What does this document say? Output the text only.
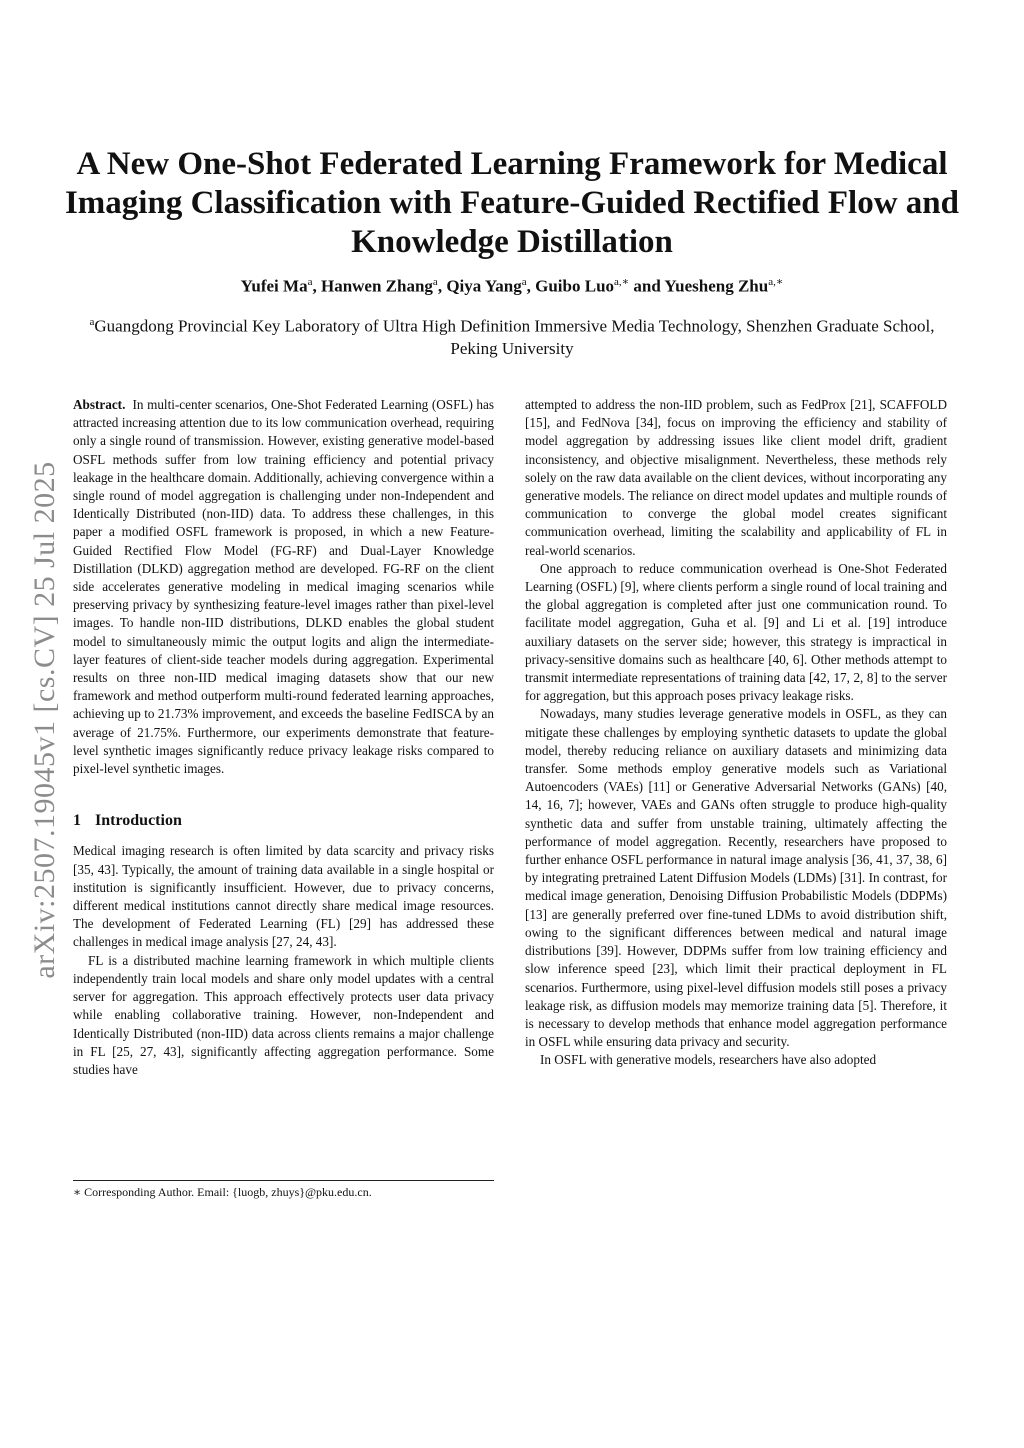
A New One-Shot Federated Learning Framework for Medical Imaging Classification with Feature-Guided Rectified Flow and Knowledge Distillation
Yufei Ma$^a$, Hanwen Zhang$^a$, Qiya Yang$^a$, Guibo Luo$^{a,∗}$ and Yuesheng Zhu$^{a,∗}$
$^a$Guangdong Provincial Key Laboratory of Ultra High Definition Immersive Media Technology, Shenzhen Graduate School, Peking University
arXiv:2507.19045v1 [cs.CV] 25 Jul 2025

Abstract. In multi-center scenarios, One-Shot Federated Learning (OSFL) has attracted increasing attention due to its low communication overhead, requiring only a single round of transmission. However, existing generative model-based OSFL methods suffer from low training efficiency and potential privacy leakage in the healthcare domain. Additionally, achieving convergence within a single round of model aggregation is challenging under non-Independent and Identically Distributed (non-IID) data. To address these challenges, in this paper a modified OSFL framework is proposed, in which a new Feature-Guided Rectified Flow Model (FG-RF) and Dual-Layer Knowledge Distillation (DLKD) aggregation method are developed. FG-RF on the client side accelerates generative modeling in medical imaging scenarios while preserving privacy by synthesizing feature-level images rather than pixel-level images. To handle non-IID distributions, DLKD enables the global student model to simultaneously mimic the output logits and align the intermediate-layer features of client-side teacher models during aggregation. Experimental results on three non-IID medical imaging datasets show that our new framework and method outperform multi-round federated learning approaches, achieving up to 21.73% improvement, and exceeds the baseline FedISCA by an average of 21.75%. Furthermore, our experiments demonstrate that feature-level synthetic images significantly reduce privacy leakage risks compared to pixel-level synthetic images.

1 Introduction

Medical imaging research is often limited by data scarcity and privacy risks [35, 43]. Typically, the amount of training data available in a single hospital or institution is significantly insufficient. However, due to privacy concerns, different medical institutions cannot directly share medical image resources. The development of Federated Learning (FL) [29] has addressed these challenges in medical image analysis [27, 24, 43].

FL is a distributed machine learning framework in which multiple clients independently train local models and share only model updates with a central server for aggregation. This approach effectively protects user data privacy while enabling collaborative training. However, non-Independent and Identically Distributed (non-IID) data across clients remains a major challenge in FL [25, 27, 43], significantly affecting aggregation performance. Some studies have

∗ Corresponding Author. Email: {luogb, zhuys}@pku.edu.cn.

attempted to address the non-IID problem, such as FedProx [21], SCAFFOLD [15], and FedNova [34], focus on improving the efficiency and stability of model aggregation by addressing issues like client model drift, gradient inconsistency, and objective misalignment. Nevertheless, these methods rely solely on the raw data available on the client devices, without incorporating any generative models. The reliance on direct model updates and multiple rounds of communication to converge the global model creates significant communication overhead, limiting the scalability and applicability of FL in real-world scenarios.

One approach to reduce communication overhead is One-Shot Federated Learning (OSFL) [9], where clients perform a single round of local training and the global aggregation is completed after just one communication round. To facilitate model aggregation, Guha et al. [9] and Li et al. [19] introduce auxiliary datasets on the server side; however, this strategy is impractical in privacy-sensitive domains such as healthcare [40, 6]. Other methods attempt to transmit intermediate representations of training data [42, 17, 2, 8] to the server for aggregation, but this approach poses privacy leakage risks.

Nowadays, many studies leverage generative models in OSFL, as they can mitigate these challenges by employing synthetic datasets to update the global model, thereby reducing reliance on auxiliary datasets and minimizing data transfer. Some methods employ generative models such as Variational Autoencoders (VAEs) [11] or Generative Adversarial Networks (GANs) [40, 14, 16, 7]; however, VAEs and GANs often struggle to produce high-quality synthetic data and suffer from unstable training, ultimately affecting the performance of model aggregation. Recently, researchers have proposed to further enhance OSFL performance in natural image analysis [36, 41, 37, 38, 6] by integrating pretrained Latent Diffusion Models (LDMs) [31]. In contrast, for medical image generation, Denoising Diffusion Probabilistic Models (DDPMs) [13] are generally preferred over fine-tuned LDMs to avoid distribution shift, owing to the significant differences between medical and natural image distributions [39]. However, DDPMs suffer from low training efficiency and slow inference speed [23], which limit their practical deployment in FL scenarios. Furthermore, using pixel-level diffusion models still poses a privacy leakage risk, as diffusion models may memorize training data [5]. Therefore, it is necessary to develop methods that enhance model aggregation performance in OSFL while ensuring data privacy and security.

In OSFL with generative models, researchers have also adopted
